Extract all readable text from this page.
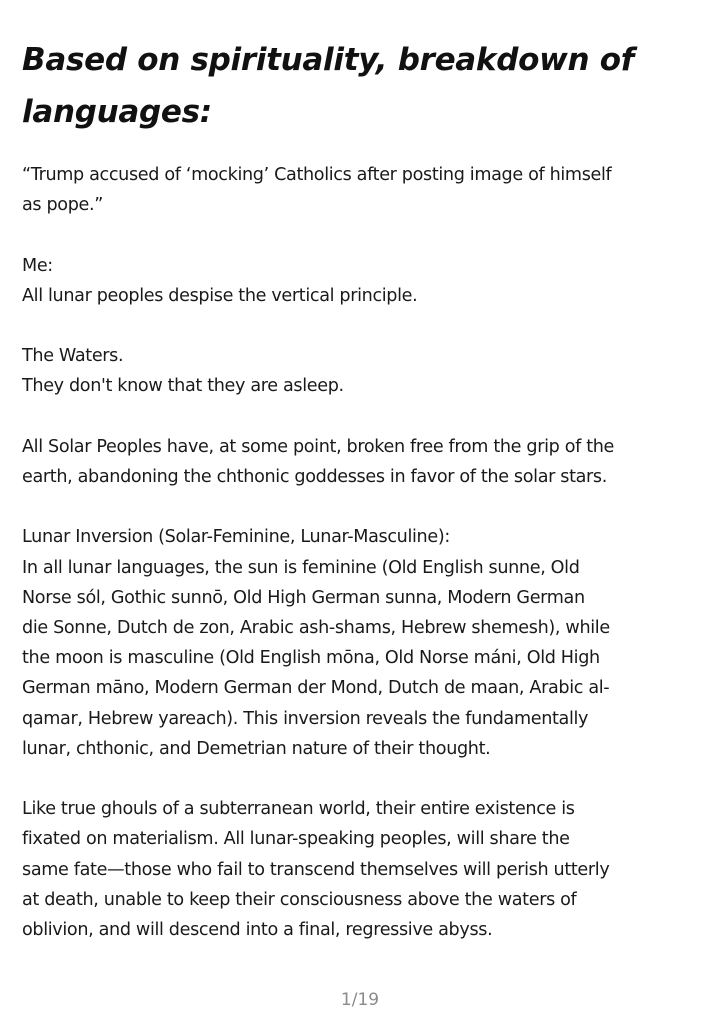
Based on spirituality, breakdown of
languages:
“Trump accused of ‘mocking’ Catholics after posting image of himself
as pope.”
Me:
All lunar peoples despise the vertical principle.
The Waters.
They don't know that they are asleep.
All Solar Peoples have, at some point, broken free from the grip of the
earth, abandoning the chthonic goddesses in favor of the solar stars.
Lunar Inversion (Solar-Feminine, Lunar-Masculine):
In all lunar languages, the sun is feminine (Old English sunne, Old
Norse sól, Gothic sunnō, Old High German sunna, Modern German
die Sonne, Dutch de zon, Arabic ash-shams, Hebrew shemesh), while
the moon is masculine (Old English mōna, Old Norse máni, Old High
German māno, Modern German der Mond, Dutch de maan, Arabic al-
qamar, Hebrew yareach). This inversion reveals the fundamentally
lunar, chthonic, and Demetrian nature of their thought.
Like true ghouls of a subterranean world, their entire existence is
fixated on materialism. All lunar-speaking peoples, will share the
same fate—those who fail to transcend themselves will perish utterly
at death, unable to keep their consciousness above the waters of
oblivion, and will descend into a final, regressive abyss.
1/19
